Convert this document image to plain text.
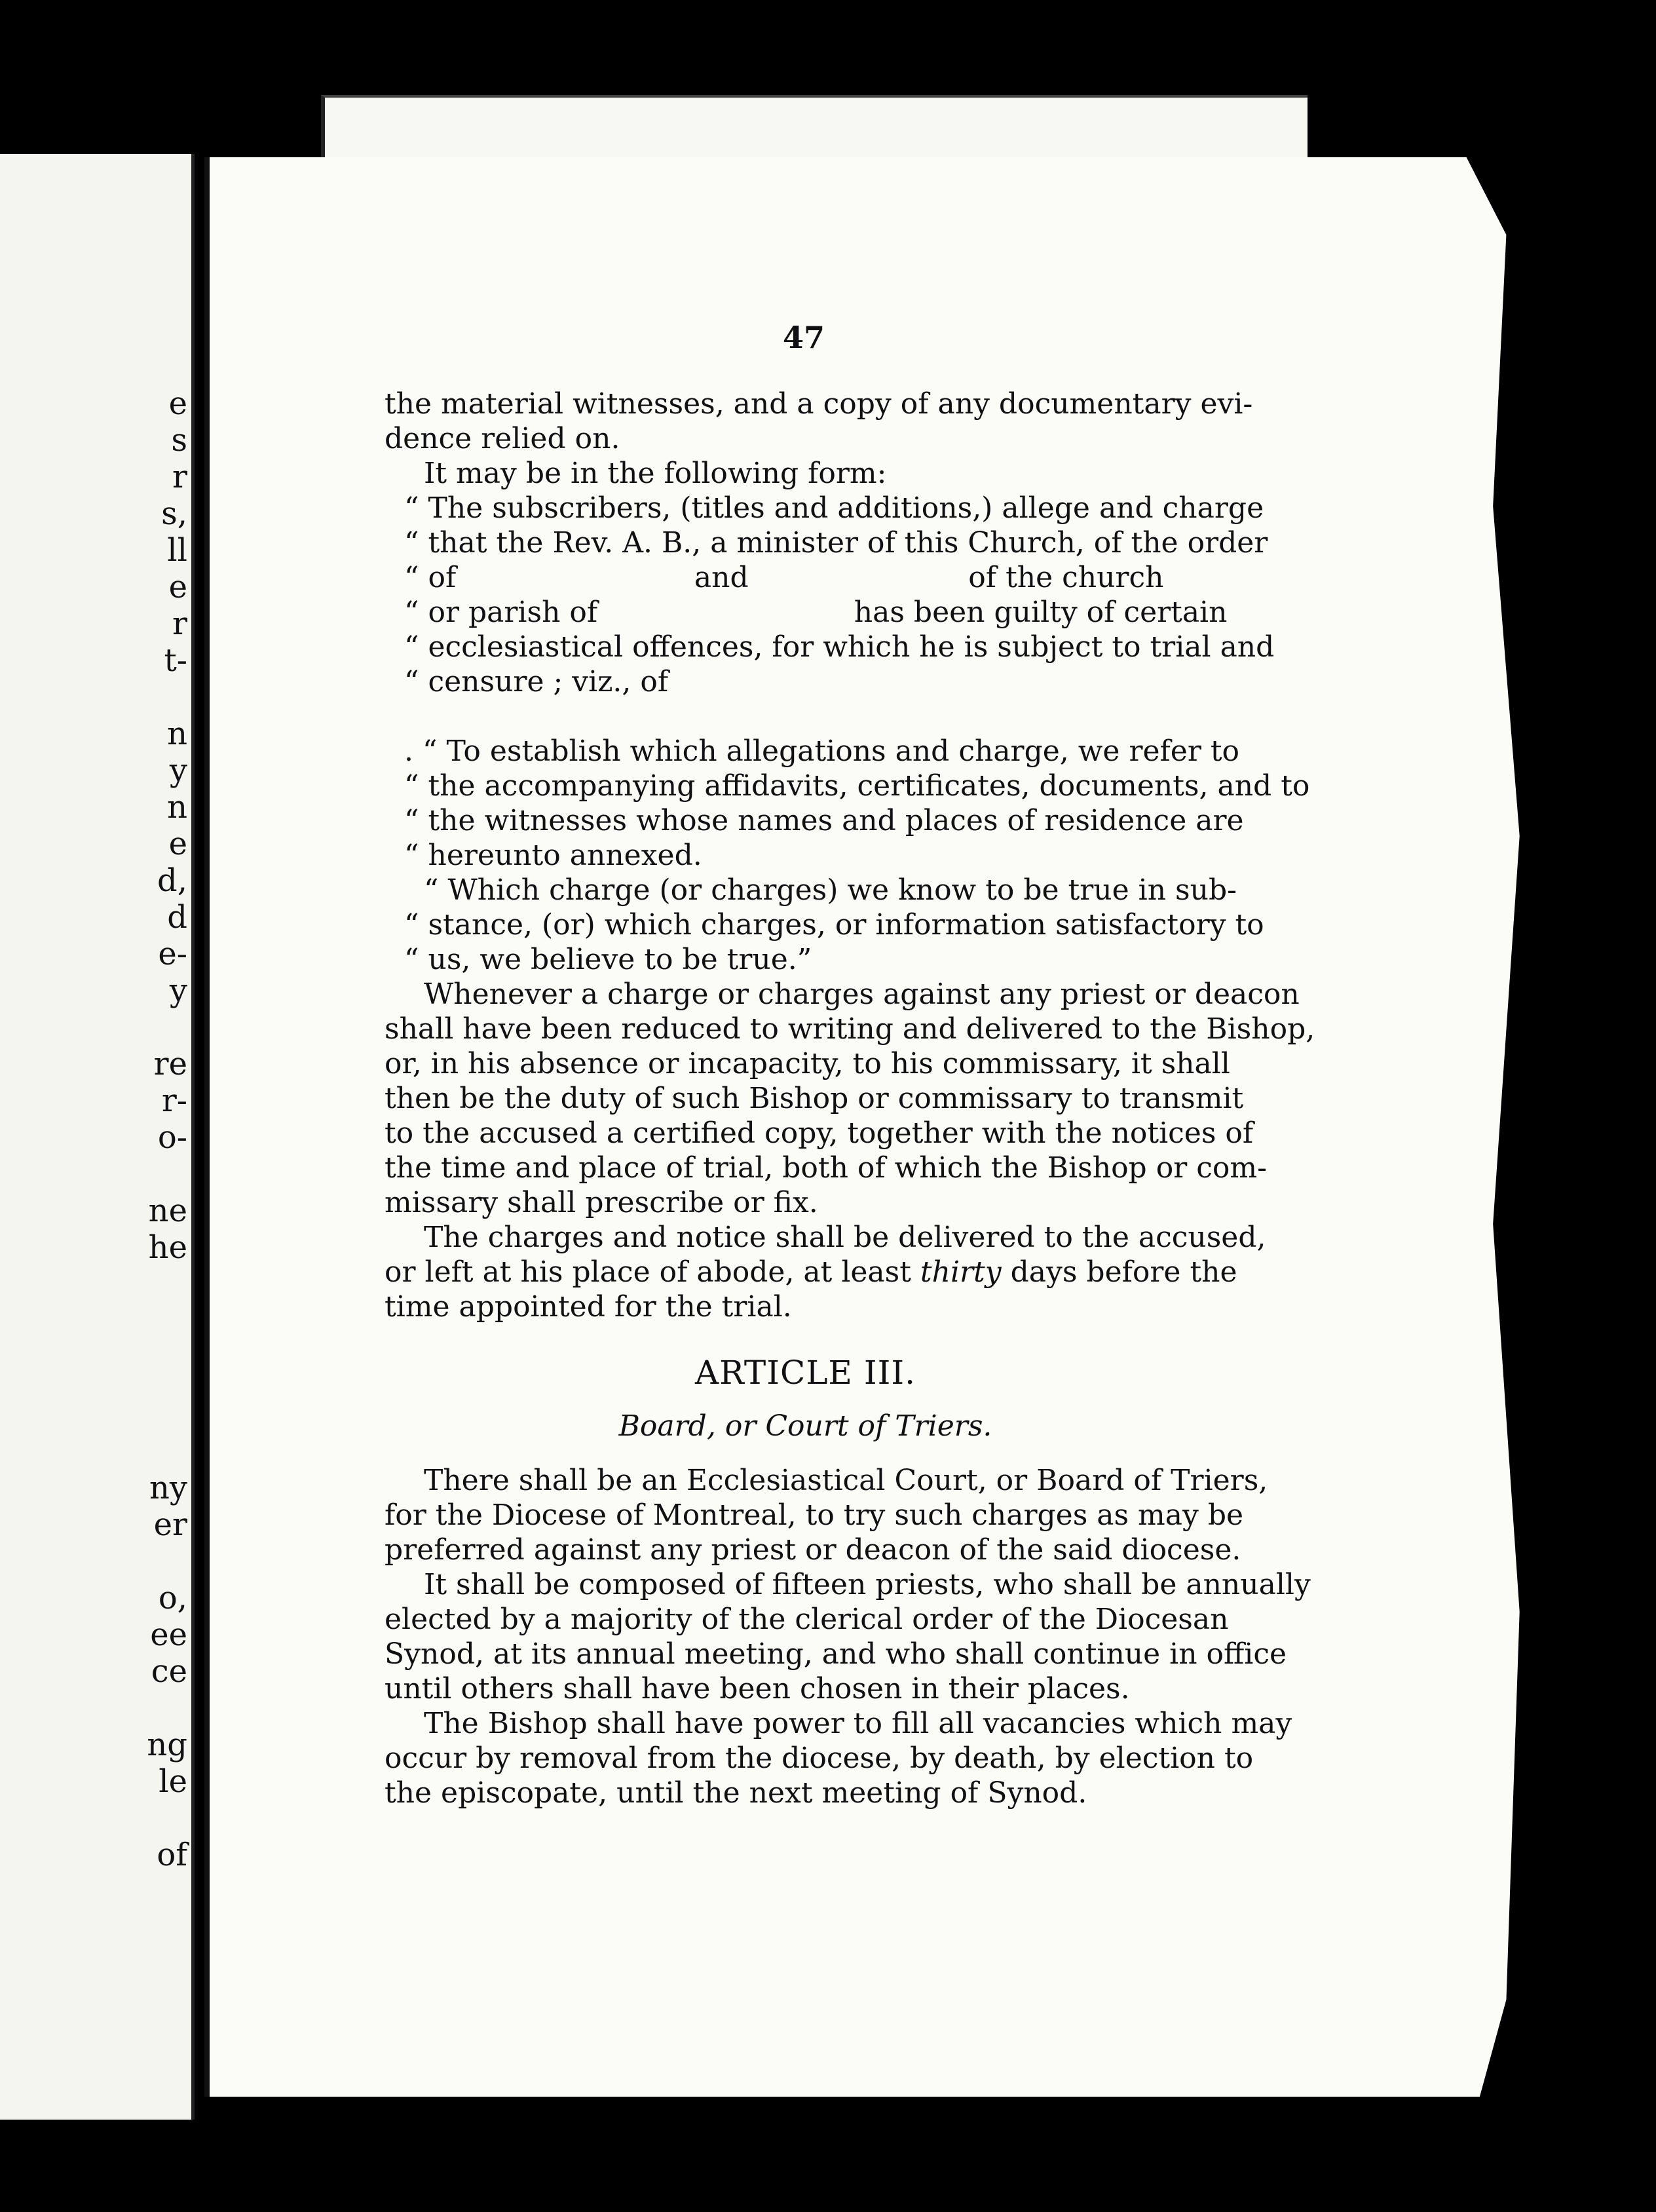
e
s
r
s,
ll
e
r
t-

n
y
n
e
d,
d
e-
y

re
r-
o-

ne
he
ny
er

o,
ee
ce

ng
le

of
47
the material witnesses, and a copy of any documentary evi-
dence relied on.
It may be in the following form:
“ The subscribers, (titles and additions,) allege and charge
“ that the Rev. A. B., a minister of this Church, of the order
“ of                          and                        of the church
“ or parish of                            has been guilty of certain
“ ecclesiastical offences, for which he is subject to trial and
“ censure ; viz., of

. “ To establish which allegations and charge, we refer to
“ the accompanying affidavits, certificates, documents, and to
“ the witnesses whose names and places of residence are
“ hereunto annexed.
“ Which charge (or charges) we know to be true in sub-
“ stance, (or) which charges, or information satisfactory to
“ us, we believe to be true.”
Whenever a charge or charges against any priest or deacon
shall have been reduced to writing and delivered to the Bishop,
or, in his absence or incapacity, to his commissary, it shall
then be the duty of such Bishop or commissary to transmit
to the accused a certified copy, together with the notices of
the time and place of trial, both of which the Bishop or com-
missary shall prescribe or fix.
The charges and notice shall be delivered to the accused,
or left at his place of abode, at least thirty days before the
time appointed for the trial.
ARTICLE III.
Board, or Court of Triers.
There shall be an Ecclesiastical Court, or Board of Triers,
for the Diocese of Montreal, to try such charges as may be
preferred against any priest or deacon of the said diocese.
It shall be composed of fifteen priests, who shall be annually
elected by a majority of the clerical order of the Diocesan
Synod, at its annual meeting, and who shall continue in office
until others shall have been chosen in their places.
The Bishop shall have power to fill all vacancies which may
occur by removal from the diocese, by death, by election to
the episcopate, until the next meeting of Synod.
